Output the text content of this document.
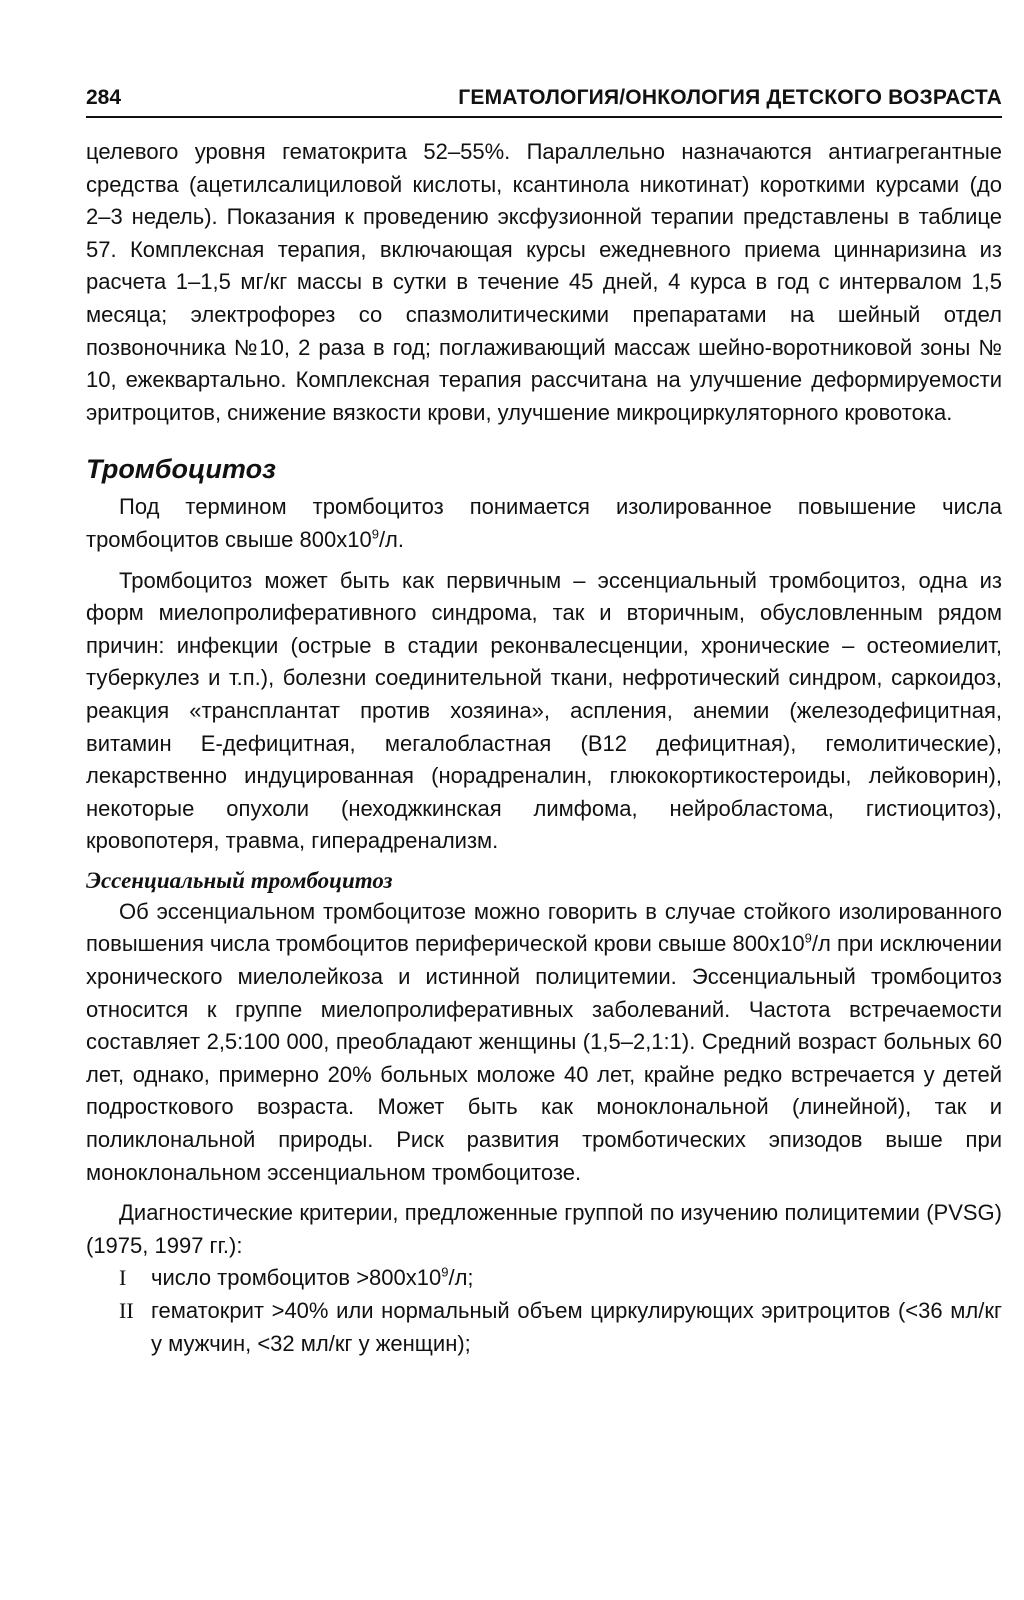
284	ГЕМАТОЛОГИЯ/ОНКОЛОГИЯ ДЕТСКОГО ВОЗРАСТА

целевого уровня гематокрита 52–55%. Параллельно назначаются антиагрегантные средства (ацетилсалициловой кислоты, ксантинола никотинат) короткими курсами (до 2–3 недель). Показания к проведению эксфузионной терапии представлены в таблице 57. Комплексная терапия, включающая курсы ежедневного приема циннаризина из расчета 1–1,5 мг/кг массы в сутки в течение 45 дней, 4 курса в год с интервалом 1,5 месяца; электрофорез со спазмолитическими препаратами на шейный отдел позвоночника №10, 2 раза в год; поглаживающий массаж шейно-воротниковой зоны № 10, ежеквартально. Комплексная терапия рассчитана на улучшение деформируемости эритроцитов, снижение вязкости крови, улучшение микроциркуляторного кровотока.

Тромбоцитоз

Под термином тромбоцитоз понимается изолированное повышение числа тромбоцитов свыше $800х10^9/л$.

Тромбоцитоз может быть как первичным – эссенциальный тромбоцитоз, одна из форм миелопролиферативного синдрома, так и вторичным, обусловленным рядом причин: инфекции (острые в стадии реконвалесценции, хронические – остеомиелит, туберкулез и т.п.), болезни соединительной ткани, нефротический синдром, саркоидоз, реакция «трансплантат против хозяина», аспления, анемии (железодефицитная, витамин Е-дефицитная, мегалобластная (В12 дефицитная), гемолитические), лекарственно индуцированная (норадреналин, глюкокортикостероиды, лейковорин), некоторые опухоли (неходжкинская лимфома, нейробластома, гистиоцитоз), кровопотеря, травма, гиперадренализм.

Эссенциальный тромбоцитоз

Об эссенциальном тромбоцитозе можно говорить в случае стойкого изолированного повышения числа тромбоцитов периферической крови свыше $800х10^9/л$ при исключении хронического миелолейкоза и истинной полицитемии. Эссенциальный тромбоцитоз относится к группе миелопролиферативных заболеваний. Частота встречаемости составляет 2,5:100 000, преобладают женщины (1,5–2,1:1). Средний возраст больных 60 лет, однако, примерно 20% больных моложе 40 лет, крайне редко встречается у детей подросткового возраста. Может быть как моноклональной (линейной), так и поликлональной природы. Риск развития тромботических эпизодов выше при моноклональном эссенциальном тромбоцитозе.

Диагностические критерии, предложенные группой по изучению полицитемии (PVSG) (1975, 1997 гг.):

I число тромбоцитов $>800х10^9/л$;
II гематокрит >40% или нормальный объем циркулирующих эритроцитов (<36 мл/кг у мужчин, <32 мл/кг у женщин);
